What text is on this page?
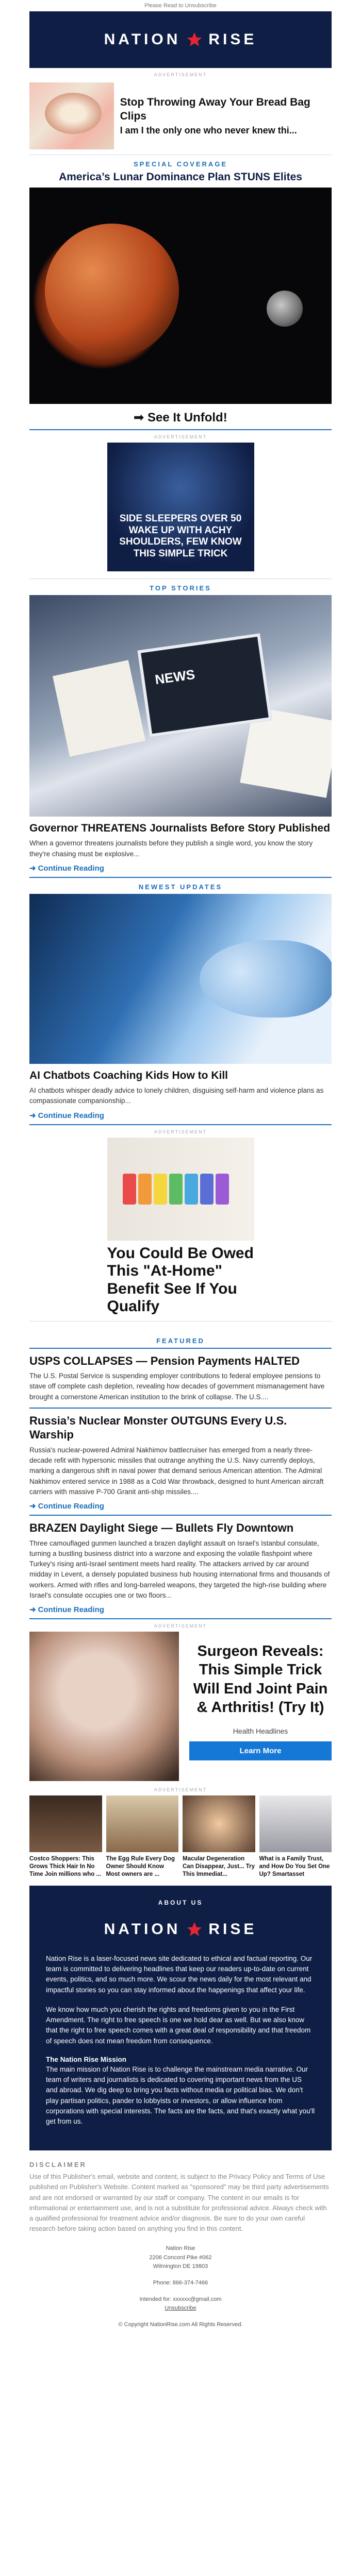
Please Read to Unsubscribe
NATION RISE
ADVERTISEMENT
Stop Throwing Away Your Bread Bag Clips
I am I the only one who never knew thi...
SPECIAL COVERAGE
America’s Lunar Dominance Plan STUNS Elites
➟ See It Unfold!
ADVERTISEMENT
SIDE SLEEPERS OVER 50 WAKE UP WITH ACHY SHOULDERS, FEW KNOW THIS SIMPLE TRICK
TOP STORIES
NEWS
Governor THREATENS Journalists Before Story Published
When a governor threatens journalists before they publish a single word, you know the story they're chasing must be explosive...
➜ Continue Reading
NEWEST UPDATES
AI Chatbots Coaching Kids How to Kill
AI chatbots whisper deadly advice to lonely children, disguising self-harm and violence plans as compassionate companionship...
➜ Continue Reading
ADVERTISEMENT
You Could Be Owed This "At-Home" Benefit See If You Qualify
FEATURED
USPS COLLAPSES — Pension Payments HALTED
The U.S. Postal Service is suspending employer contributions to federal employee pensions to stave off complete cash depletion, revealing how decades of government mismanagement have brought a cornerstone American institution to the brink of collapse. The U.S....
Russia’s Nuclear Monster OUTGUNS Every U.S. Warship
Russia's nuclear-powered Admiral Nakhimov battlecruiser has emerged from a nearly three-decade refit with hypersonic missiles that outrange anything the U.S. Navy currently deploys, marking a dangerous shift in naval power that demand serious American attention. The Admiral Nakhimov entered service in 1988 as a Cold War throwback, designed to hunt American aircraft carriers with massive P-700 Granit anti-ship missiles....
➜ Continue Reading
BRAZEN Daylight Siege — Bullets Fly Downtown
Three camouflaged gunmen launched a brazen daylight assault on Israel's Istanbul consulate, turning a bustling business district into a warzone and exposing the volatile flashpoint where Turkey's rising anti-Israel sentiment meets hard reality. The attackers arrived by car around midday in Levent, a densely populated business hub housing international firms and thousands of workers. Armed with rifles and long-barreled weapons, they targeted the high-rise building where Israel's consulate occupies one or two floors...
➜ Continue Reading
ADVERTISEMENT
Surgeon Reveals: This Simple Trick Will End Joint Pain & Arthritis! (Try It)
Health Headlines
Learn More
ADVERTISEMENT
Costco Shoppers: This Grows Thick Hair In No Time Join millions who ...
The Egg Rule Every Dog Owner Should Know Most owners are ...
Macular Degeneration Can Disappear, Just... Try This Immediat...
What is a Family Trust, and How Do You Set One Up? Smartasset
ABOUT US
NATION RISE

Nation Rise is a laser-focused news site dedicated to ethical and factual reporting. Our team is committed to delivering headlines that keep our readers up-to-date on current events, politics, and so much more. We scour the news daily for the most relevant and impactful stories so you can stay informed about the happenings that affect your life.

We know how much you cherish the rights and freedoms given to you in the First Amendment. The right to free speech is one we hold dear as well. But we also know that the right to free speech comes with a great deal of responsibility and that freedom of speech does not mean freedom from consequence.

The Nation Rise Mission

The main mission of Nation Rise is to challenge the mainstream media narrative. Our team of writers and journalists is dedicated to covering important news from the US and abroad. We dig deep to bring you facts without media or political bias. We don't play partisan politics, pander to lobbyists or investors, or allow influence from corporations with special interests. The facts are the facts, and that's exactly what you'll get from us.

DISCLAIMER
Use of this Publisher's email, website and content, is subject to the Privacy Policy and Terms of Use published on Publisher's Website. Content marked as "sponsored" may be third party advertisements and are not endorsed or warranted by our staff or company. The content in our emails is for informational or entertainment use, and is not a substitute for professional advice. Always check with a qualified professional for treatment advice and/or diagnosis. Be sure to do your own careful research before taking action based on anything you find in this content.
Nation Rise
2206 Concord Pike #062
Wilmington DE 19803
Phone: 866-374-7466
Intended for: xxxxxx@gmail.com
Unsubscribe
© Copyright NationRise.com All Rights Reserved.
